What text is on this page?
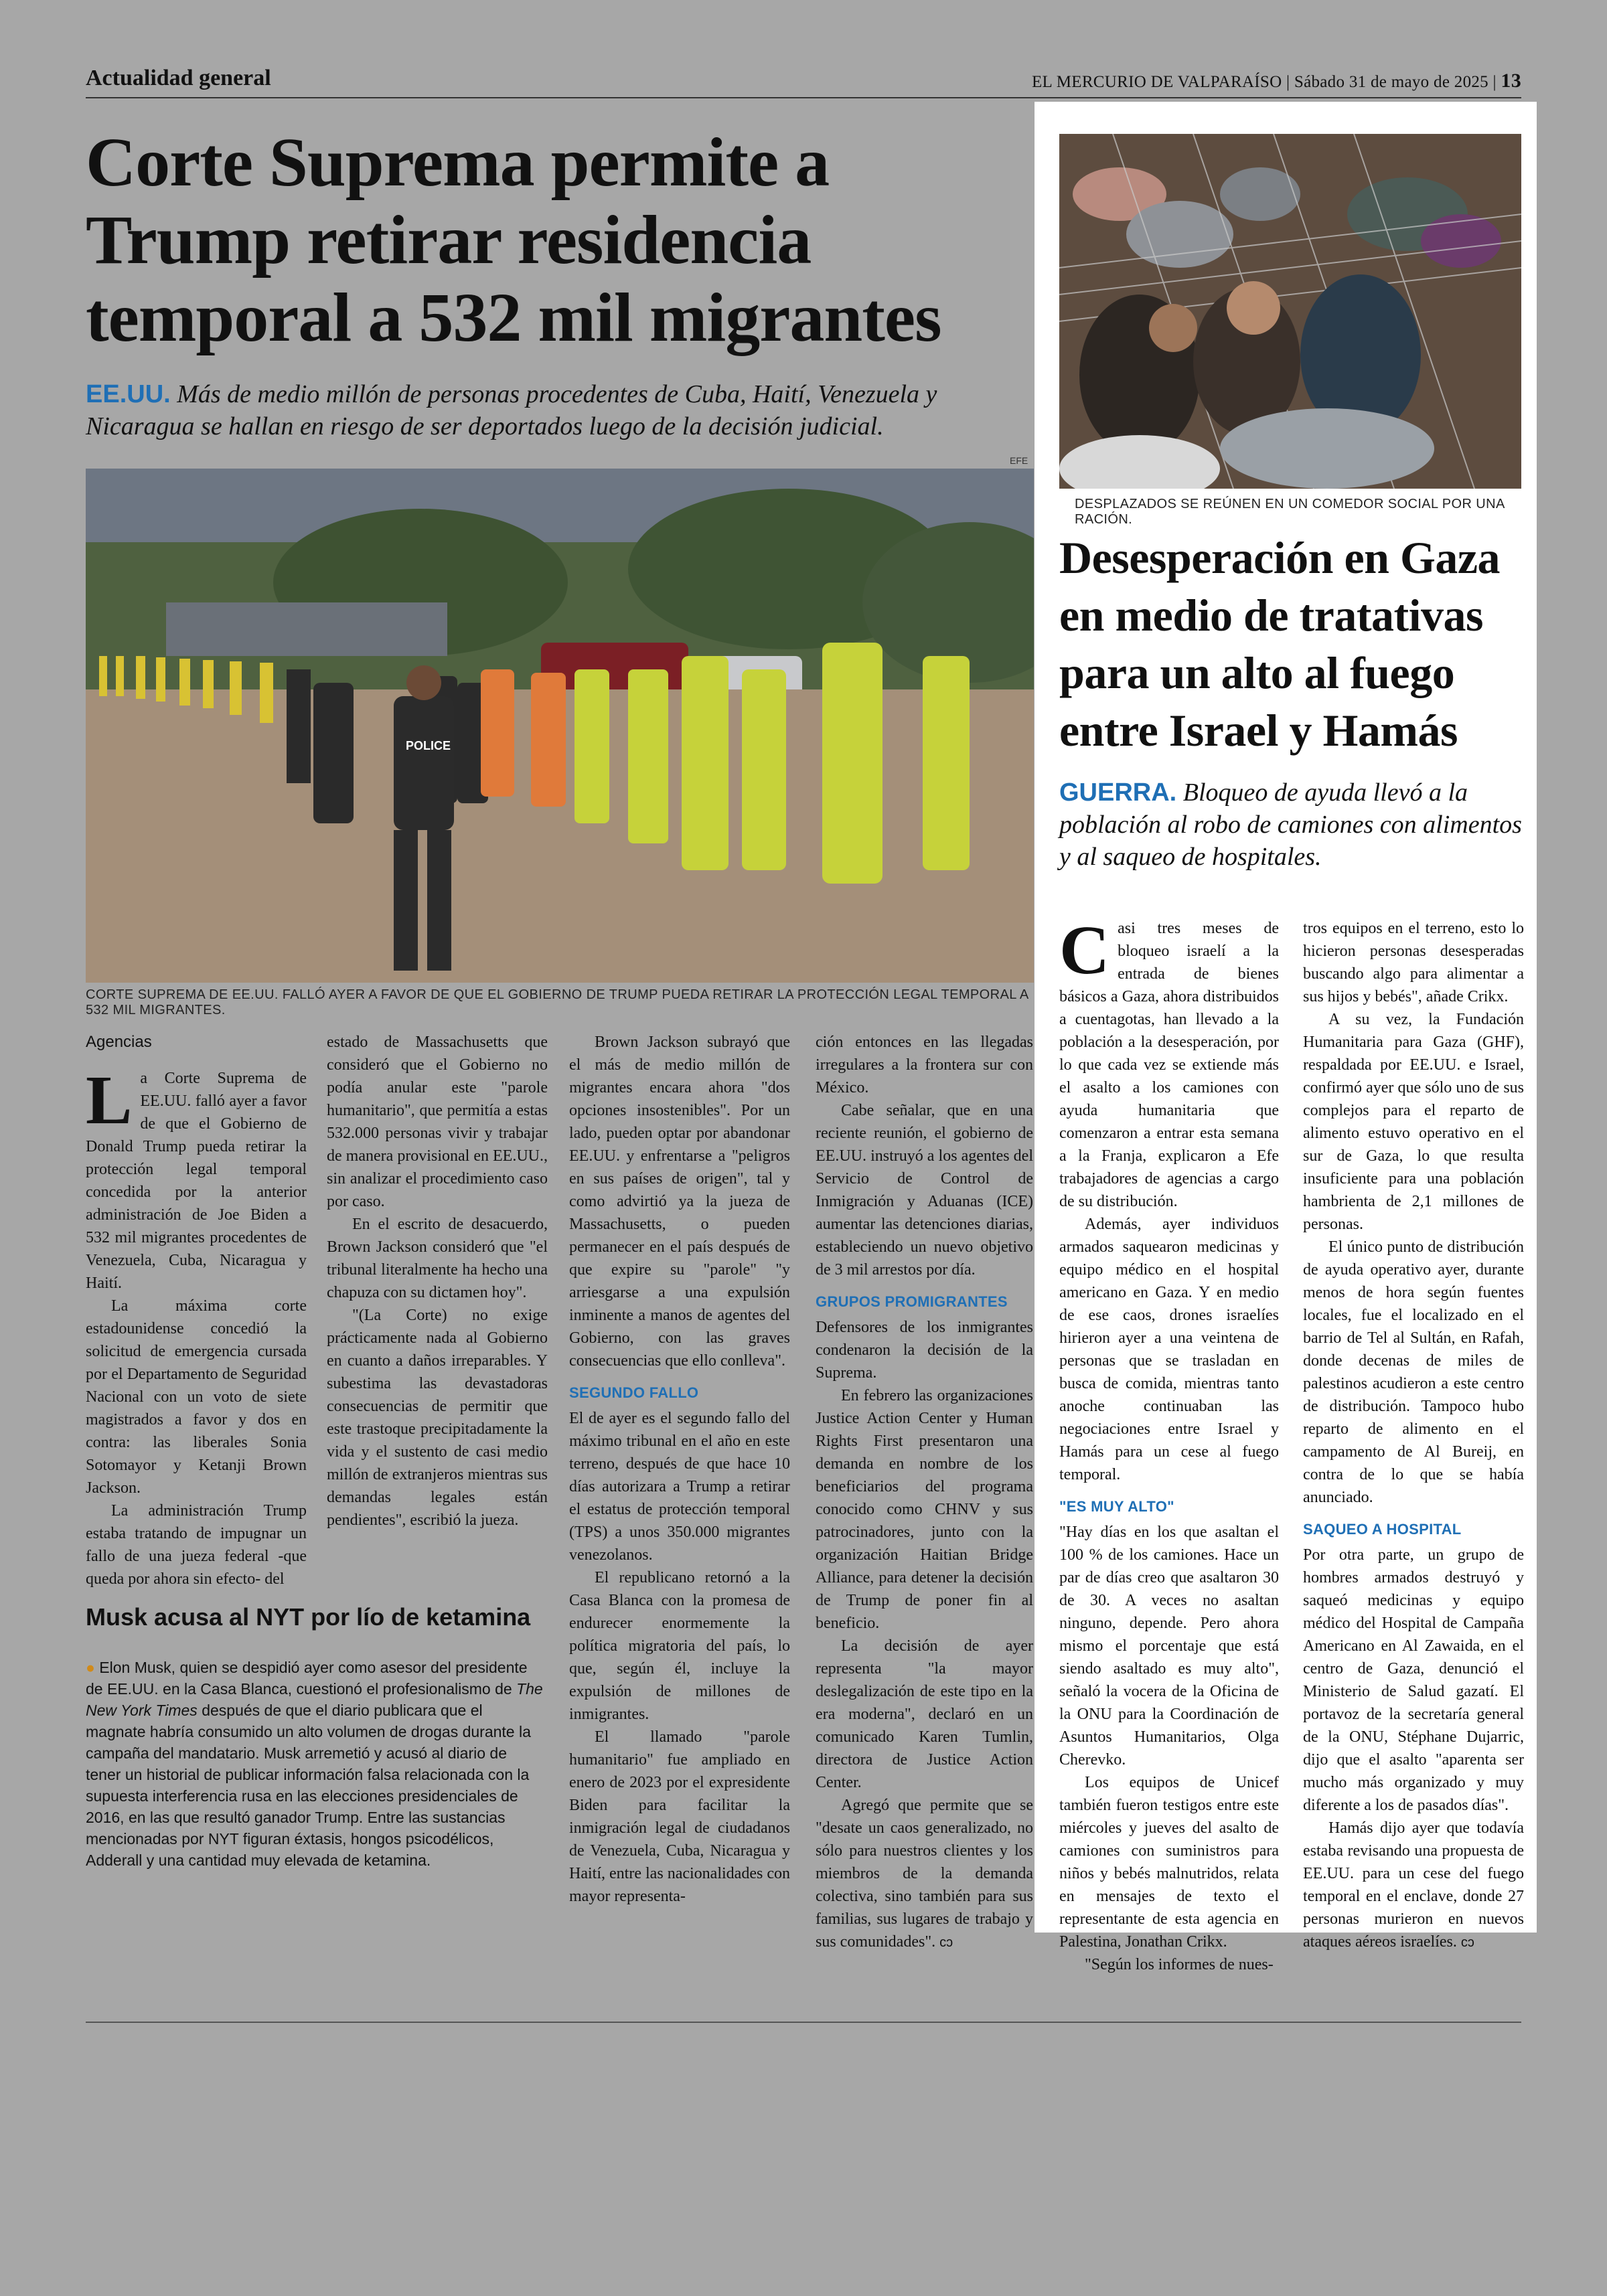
Actualidad general	EL MERCURIO DE VALPARAÍSO | Sábado 31 de mayo de 2025 | 13
Corte Suprema permite a Trump retirar residencia temporal a 532 mil migrantes
EE.UU. Más de medio millón de personas procedentes de Cuba, Haití, Venezuela y Nicaragua se hallan en riesgo de ser deportados luego de la decisión judicial.
EFE
POLICE
CORTE SUPREMA DE EE.UU. FALLÓ AYER A FAVOR DE QUE EL GOBIERNO DE TRUMP PUEDA RETIRAR LA PROTECCIÓN LEGAL TEMPORAL A 532 MIL MIGRANTES.

Agencias

La Corte Suprema de EE.UU. falló ayer a favor de que el Gobierno de Donald Trump pueda retirar la protección legal temporal concedida por la anterior administración de Joe Biden a 532 mil migrantes procedentes de Venezuela, Cuba, Nicaragua y Haití.

La máxima corte estadounidense concedió la solicitud de emergencia cursada por el Departamento de Seguridad Nacional con un voto de siete magistrados a favor y dos en contra: las liberales Sonia Sotomayor y Ketanji Brown Jackson.

La administración Trump estaba tratando de impugnar un fallo de una jueza federal -que queda por ahora sin efecto- del

estado de Massachusetts que consideró que el Gobierno no podía anular este "parole humanitario", que permitía a estas 532.000 personas vivir y trabajar de manera provisional en EE.UU., sin analizar el procedimiento caso por caso.

En el escrito de desacuerdo, Brown Jackson consideró que "el tribunal literalmente ha hecho una chapuza con su dictamen hoy".

"(La Corte) no exige prácticamente nada al Gobierno en cuanto a daños irreparables. Y subestima las devastadoras consecuencias de permitir que este trastoque precipitadamente la vida y el sustento de casi medio millón de extranjeros mientras sus demandas legales están pendientes", escribió la jueza.

Brown Jackson subrayó que el más de medio millón de migrantes encara ahora "dos opciones insostenibles". Por un lado, pueden optar por abandonar EE.UU. y enfrentarse a "peligros en sus países de origen", tal y como advirtió ya la jueza de Massachusetts, o pueden permanecer en el país después de que expire su "parole" "y arriesgarse a una expulsión inminente a manos de agentes del Gobierno, con las graves consecuencias que ello conlleva".

SEGUNDO FALLO

El de ayer es el segundo fallo del máximo tribunal en el año en este terreno, después de que hace 10 días autorizara a Trump a retirar el estatus de protección temporal (TPS) a unos 350.000 migrantes venezolanos.

El republicano retornó a la Casa Blanca con la promesa de endurecer enormemente la política migratoria del país, lo que, según él, incluye la expulsión de millones de inmigrantes.

El llamado "parole humanitario" fue ampliado en enero de 2023 por el expresidente Biden para facilitar la inmigración legal de ciudadanos de Venezuela, Cuba, Nicaragua y Haití, entre las nacionalidades con mayor representa-

ción entonces en las llegadas irregulares a la frontera sur con México.

Cabe señalar, que en una reciente reunión, el gobierno de EE.UU. instruyó a los agentes del Servicio de Control de Inmigración y Aduanas (ICE) aumentar las detenciones diarias, estableciendo un nuevo objetivo de 3 mil arrestos por día.

GRUPOS PROMIGRANTES

Defensores de los inmigrantes condenaron la decisión de la Suprema.

En febrero las organizaciones Justice Action Center y Human Rights First presentaron una demanda en nombre de los beneficiarios del programa conocido como CHNV y sus patrocinadores, junto con la organización Haitian Bridge Alliance, para detener la decisión de Trump de poner fin al beneficio.

La decisión de ayer representa "la mayor deslegalización de este tipo en la era moderna", declaró en un comunicado Karen Tumlin, directora de Justice Action Center.

Agregó que permite que se "desate un caos generalizado, no sólo para nuestros clientes y los miembros de la demanda colectiva, sino también para sus familias, sus lugares de trabajo y sus comunidades". cↄ

Musk acusa al NYT por lío de ketamina
● Elon Musk, quien se despidió ayer como asesor del presidente de EE.UU. en la Casa Blanca, cuestionó el profesionalismo de The New York Times después de que el diario publicara que el magnate habría consumido un alto volumen de drogas durante la campaña del mandatario. Musk arremetió y acusó al diario de tener un historial de publicar información falsa relacionada con la supuesta interferencia rusa en las elecciones presidenciales de 2016, en las que resultó ganador Trump. Entre las sustancias mencionadas por NYT figuran éxtasis, hongos psicodélicos, Adderall y una cantidad muy elevada de ketamina.
DESPLAZADOS SE REÚNEN EN UN COMEDOR SOCIAL POR UNA RACIÓN.
Desesperación en Gaza en medio de tratativas para un alto al fuego entre Israel y Hamás
GUERRA. Bloqueo de ayuda llevó a la población al robo de camiones con alimentos y al saqueo de hospitales.

Casi tres meses de bloqueo israelí a la entrada de bienes básicos a Gaza, ahora distribuidos a cuentagotas, han llevado a la población a la desesperación, por lo que cada vez se extiende más el asalto a los camiones con ayuda humanitaria que comenzaron a entrar esta semana a la Franja, explicaron a Efe trabajadores de agencias a cargo de su distribución.

Además, ayer individuos armados saquearon medicinas y equipo médico en el hospital americano en Gaza. Y en medio de ese caos, drones israelíes hirieron ayer a una veintena de personas que se trasladan en busca de comida, mientras tanto anoche continuaban las negociaciones entre Israel y Hamás para un cese al fuego temporal.

"ES MUY ALTO"

"Hay días en los que asaltan el 100 % de los camiones. Hace un par de días creo que asaltaron 30 de 30. A veces no asaltan ninguno, depende. Pero ahora mismo el porcentaje que está siendo asaltado es muy alto", señaló la vocera de la Oficina de la ONU para la Coordinación de Asuntos Humanitarios, Olga Cherevko.

Los equipos de Unicef también fueron testigos entre este miércoles y jueves del asalto de camiones con suministros para niños y bebés malnutridos, relata en mensajes de texto el representante de esta agencia en Palestina, Jonathan Crikx.

"Según los informes de nues-

tros equipos en el terreno, esto lo hicieron personas desesperadas buscando algo para alimentar a sus hijos y bebés", añade Crikx.

A su vez, la Fundación Humanitaria para Gaza (GHF), respaldada por EE.UU. e Israel, confirmó ayer que sólo uno de sus complejos para el reparto de alimento estuvo operativo en el sur de Gaza, lo que resulta insuficiente para una población hambrienta de 2,1 millones de personas.

El único punto de distribución de ayuda operativo ayer, durante menos de hora según fuentes locales, fue el localizado en el barrio de Tel al Sultán, en Rafah, donde decenas de miles de palestinos acudieron a este centro de distribución. Tampoco hubo reparto de alimento en el campamento de Al Bureij, en contra de lo que se había anunciado.

SAQUEO A HOSPITAL

Por otra parte, un grupo de hombres armados destruyó y saqueó medicinas y equipo médico del Hospital de Campaña Americano en Al Zawaida, en el centro de Gaza, denunció el Ministerio de Salud gazatí. El portavoz de la secretaría general de la ONU, Stéphane Dujarric, dijo que el asalto "aparenta ser mucho más organizado y muy diferente a los de pasados días".

Hamás dijo ayer que todavía estaba revisando una propuesta de EE.UU. para un cese del fuego temporal en el enclave, donde 27 personas murieron en nuevos ataques aéreos israelíes. cↄ
